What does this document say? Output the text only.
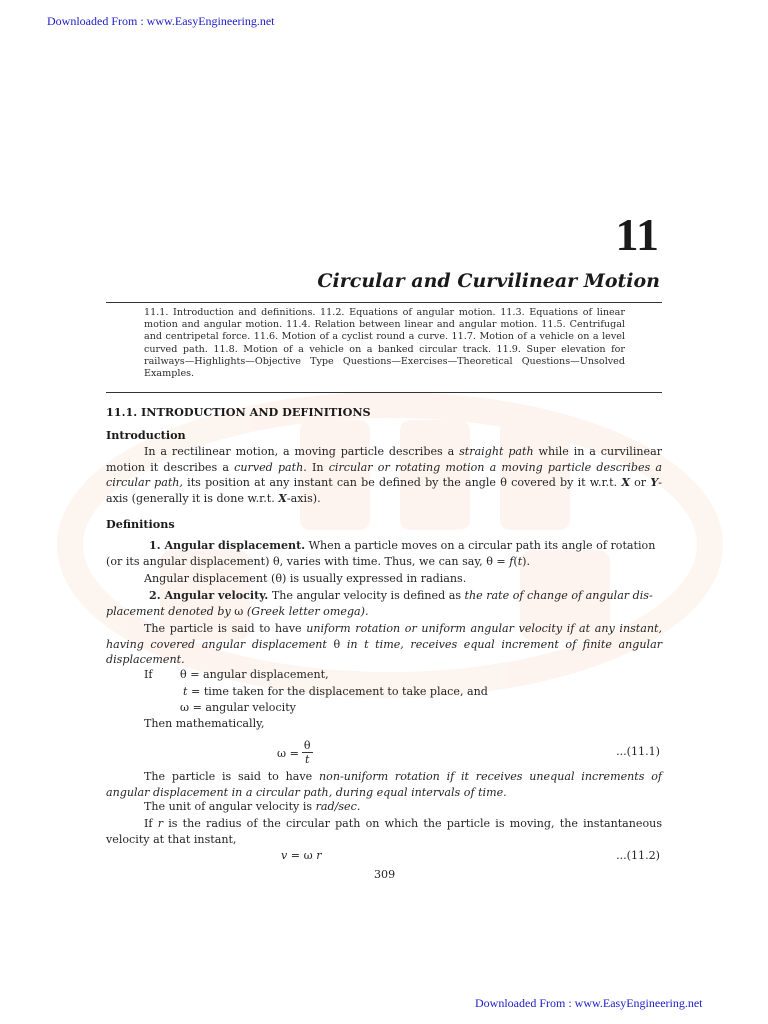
Downloaded From : www.EasyEngineering.net
11
Circular and Curvilinear Motion
11.1. Introduction and definitions. 11.2. Equations of angular motion. 11.3. Equations of linear motion and angular motion. 11.4. Relation between linear and angular motion. 11.5. Centrifugal and centripetal force. 11.6. Motion of a cyclist round a curve. 11.7. Motion of a vehicle on a level curved path. 11.8. Motion of a vehicle on a banked circular track. 11.9. Super elevation for railways—Highlights—Objective Type Questions—Exercises—Theoretical Questions—Unsolved Examples.
11.1. INTRODUCTION AND DEFINITIONS
Introduction
In a rectilinear motion, a moving particle describes a straight path while in a curvilinear motion it describes a curved path. In circular or rotating motion a moving particle describes a circular path, its position at any instant can be defined by the angle θ covered by it w.r.t. X or Y-axis (generally it is done w.r.t. X-axis).
Definitions
1. Angular displacement. When a particle moves on a circular path its angle of rotation
(or its angular displacement) θ, varies with time. Thus, we can say, θ = f(t).
Angular displacement (θ) is usually expressed in radians.
2. Angular velocity. The angular velocity is defined as the rate of change of angular dis-
placement denoted by ω (Greek letter omega).
The particle is said to have uniform rotation or uniform angular velocity if at any instant, having covered angular displacement θ in t time, receives equal increment of finite angular displacement.
If θ = angular displacement,
t = time taken for the displacement to take place, and
ω = angular velocity
Then mathematically,
$\omega = \frac{\theta}{t}$	...(11.1)
The particle is said to have non-uniform rotation if it receives unequal increments of angular displacement in a circular path, during equal intervals of time.
The unit of angular velocity is rad/sec.
If r is the radius of the circular path on which the particle is moving, the instantaneous velocity at that instant,
v = ω r	...(11.2)
309
Downloaded From : www.EasyEngineering.net
